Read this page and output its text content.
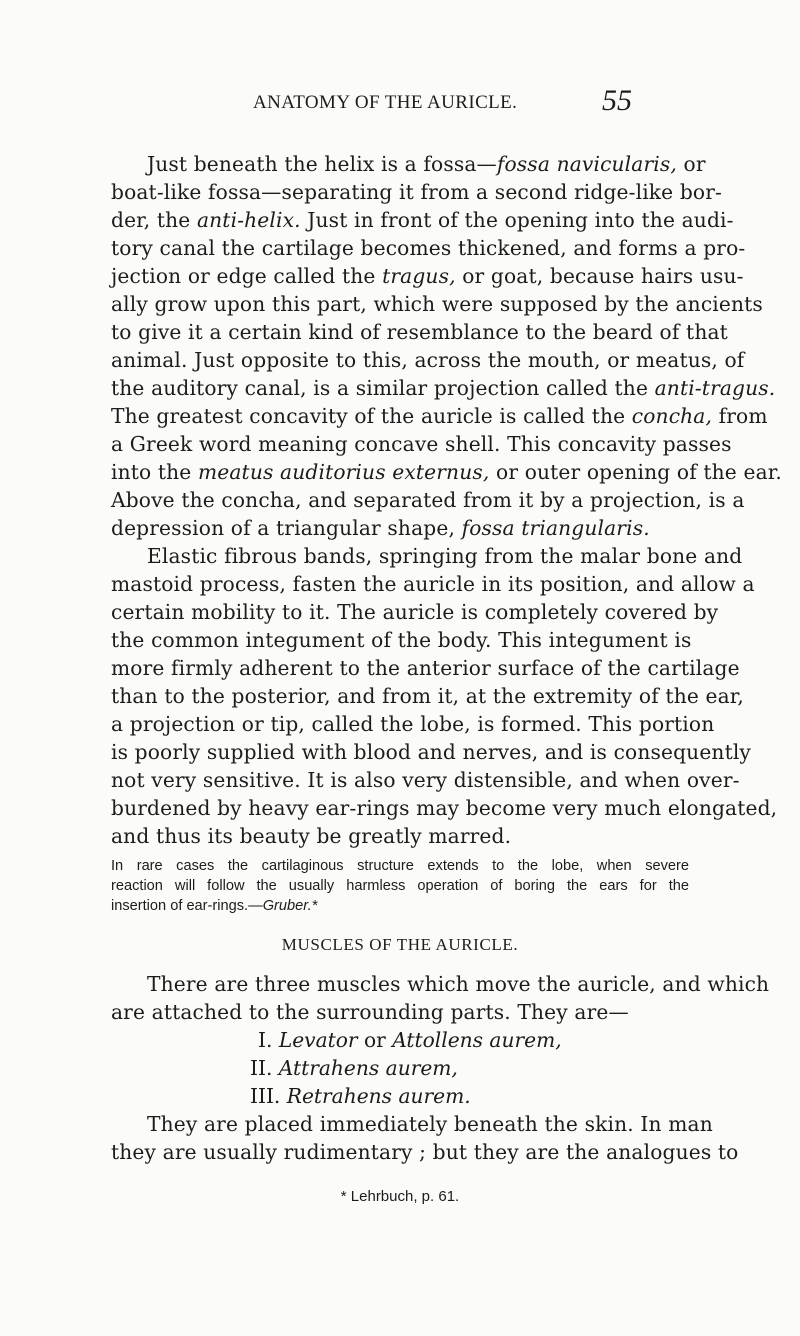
ANATOMY OF THE AURICLE.	55
Just beneath the helix is a fossa—fossa navicularis, or
boat-like fossa—separating it from a second ridge-like bor-
der, the anti-helix. Just in front of the opening into the audi-
tory canal the cartilage becomes thickened, and forms a pro-
jection or edge called the tragus, or goat, because hairs usu-
ally grow upon this part, which were supposed by the ancients
to give it a certain kind of resemblance to the beard of that
animal. Just opposite to this, across the mouth, or meatus, of
the auditory canal, is a similar projection called the anti-tragus.
The greatest concavity of the auricle is called the concha, from
a Greek word meaning concave shell. This concavity passes
into the meatus auditorius externus, or outer opening of the ear.
Above the concha, and separated from it by a projection, is a
depression of a triangular shape, fossa triangularis.
Elastic fibrous bands, springing from the malar bone and
mastoid process, fasten the auricle in its position, and allow a
certain mobility to it. The auricle is completely covered by
the common integument of the body. This integument is
more firmly adherent to the anterior surface of the cartilage
than to the posterior, and from it, at the extremity of the ear,
a projection or tip, called the lobe, is formed. This portion
is poorly supplied with blood and nerves, and is consequently
not very sensitive. It is also very distensible, and when over-
burdened by heavy ear-rings may become very much elongated,
and thus its beauty be greatly marred.
In rare cases the cartilaginous structure extends to the lobe, when severe
reaction will follow the usually harmless operation of boring the ears for the
insertion of ear-rings.—Gruber.*
MUSCLES OF THE AURICLE.
There are three muscles which move the auricle, and which
are attached to the surrounding parts. They are—
I. Levator or Attollens aurem,
II. Attrahens aurem,
III. Retrahens aurem.
They are placed immediately beneath the skin. In man
they are usually rudimentary ; but they are the analogues to
* Lehrbuch, p. 61.
